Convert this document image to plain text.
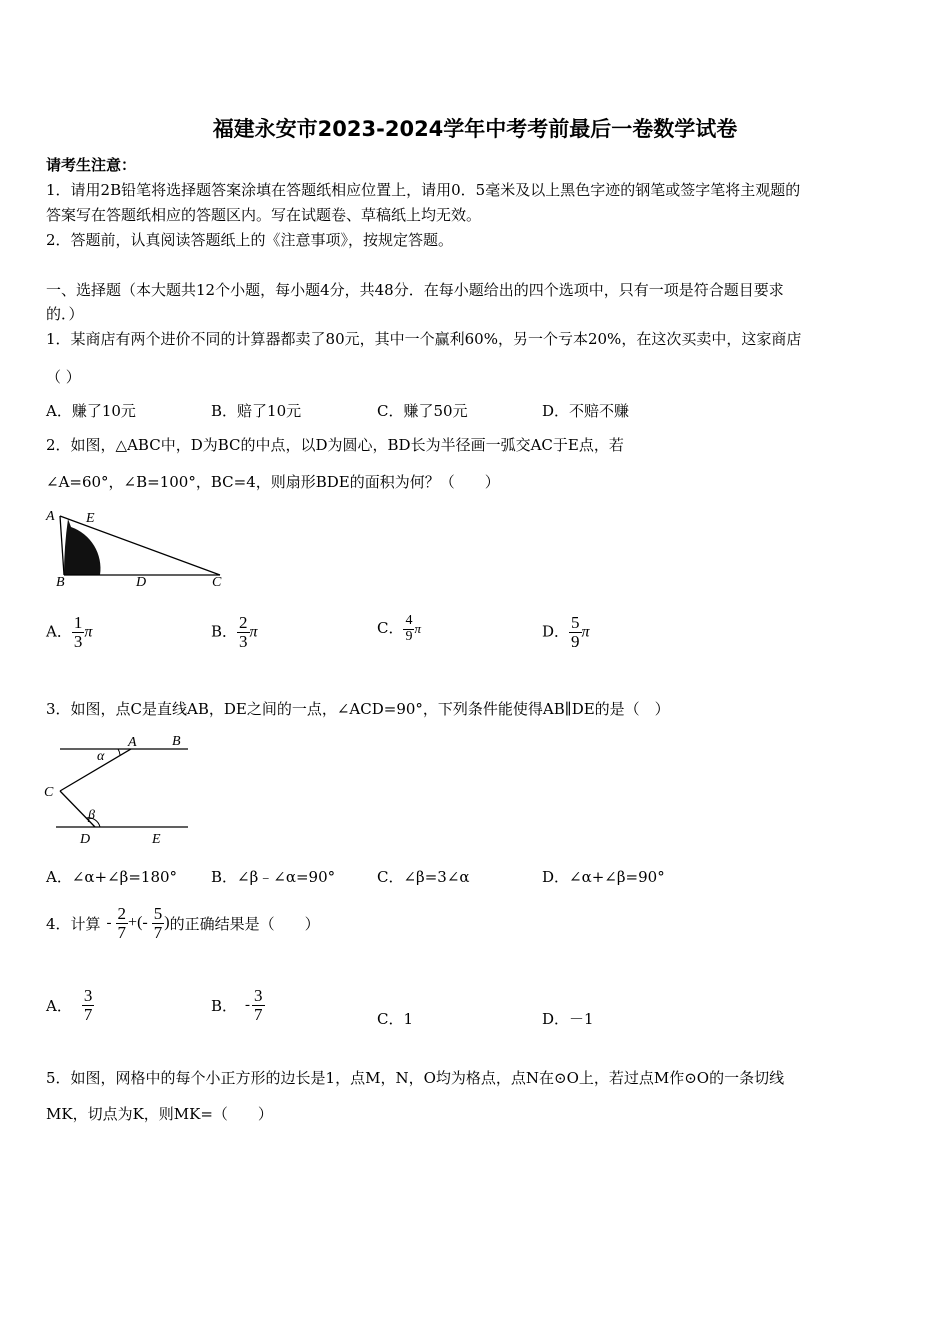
福建永安市2023-2024学年中考考前最后一卷数学试卷
请考生注意：
1．请用2B铅笔将选择题答案涂填在答题纸相应位置上，请用0．5毫米及以上黑色字迹的钢笔或签字笔将主观题的
答案写在答题纸相应的答题区内。写在试题卷、草稿纸上均无效。
2．答题前，认真阅读答题纸上的《注意事项》，按规定答题。
一、选择题（本大题共12个小题，每小题4分，共48分．在每小题给出的四个选项中，只有一项是符合题目要求
的．）
1．某商店有两个进价不同的计算器都卖了80元，其中一个赢利60%，另一个亏本20%，在这次买卖中，这家商店
（ ）
A．赚了10元	B．赔了10元	C．赚了50元	D．不赔不赚
2．如图，△ABC中，D为BC的中点，以D为圆心，BD长为半径画一弧交AC于E点，若
∠A=60°，∠B=100°，BC=4，则扇形BDE的面积为何？（　　）
A E
B	D	C
A． $\frac{1}{3}$ π	B． $\frac{2}{3}$ π	C． $\frac{4}{9}$ π	D． $\frac{5}{9}$ π
3．如图，点C是直线AB，DE之间的一点，∠ACD=90°，下列条件能使得AB∥DE的是（　）
A	B
α
C
β
D	E
A．∠α+∠β=180° B．∠β﹣∠α=90°	C．∠β=3∠α	D．∠α+∠β=90°
4．计算 - $\frac{2}{7}$ +(- $\frac{5}{7}$ ) 的正确结果是（　　）
A． $\frac{3}{7}$	B． - $\frac{3}{7}$	C．1	D．－1
5．如图，网格中的每个小正方形的边长是1，点M，N，O均为格点，点N在⊙O上，若过点M作⊙O的一条切线
MK，切点为K，则MK=（　　）
